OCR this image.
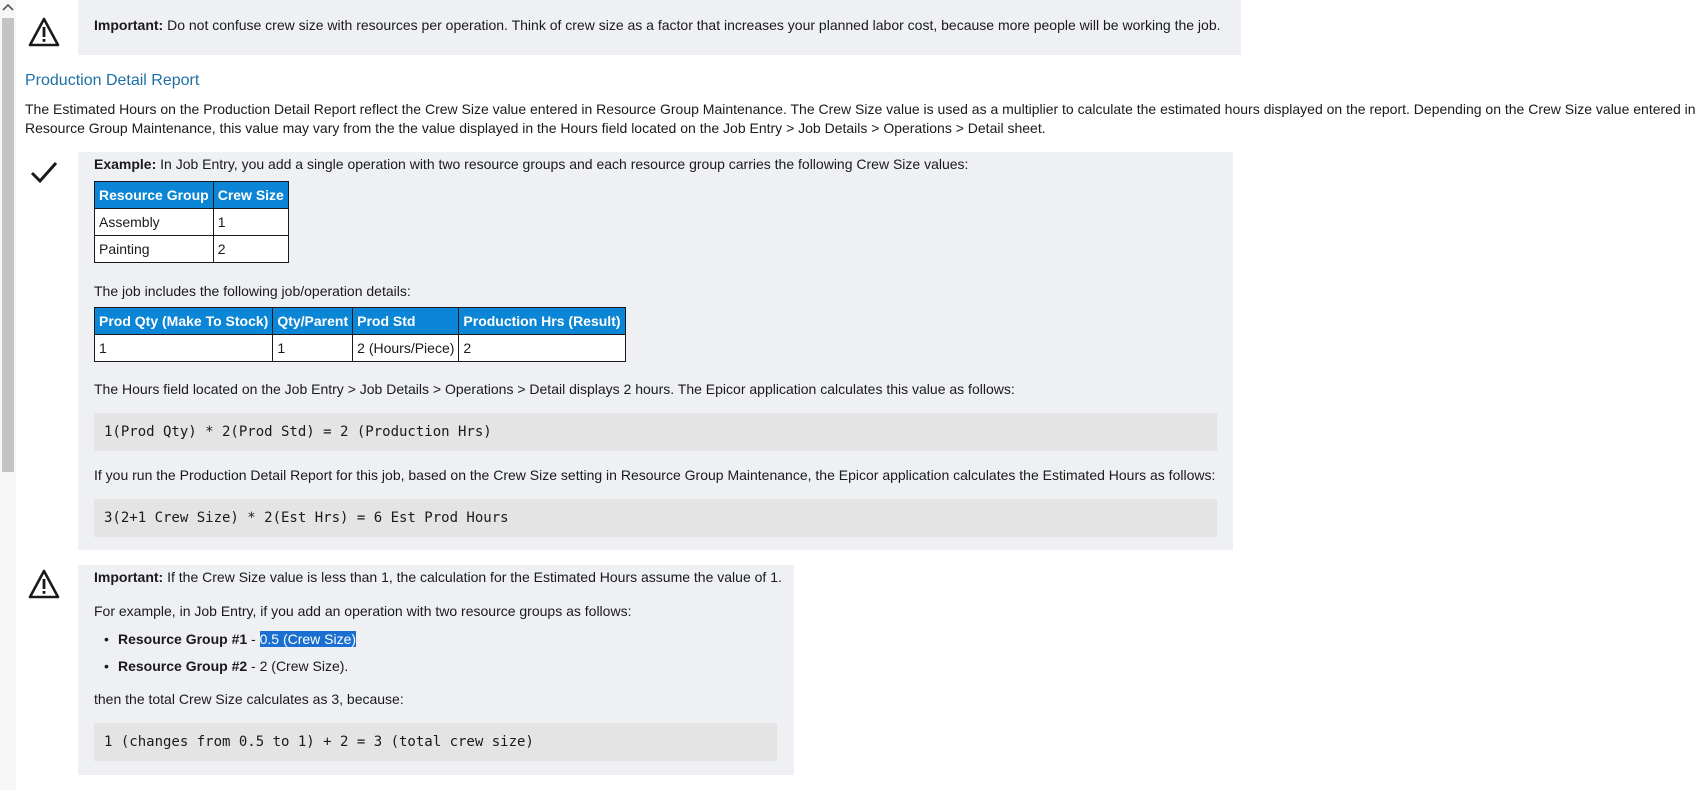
Important: Do not confuse crew size with resources per operation. Think of crew size as a factor that increases your planned labor cost, because more people will be working the job.

Production Detail Report
The Estimated Hours on the Production Detail Report reflect the Crew Size value entered in Resource Group Maintenance. The Crew Size value is used as a multiplier to calculate the estimated hours displayed on the report. Depending on the Crew Size value entered in
Resource Group Maintenance, this value may vary from the the value displayed in the Hours field located on the Job Entry > Job Details > Operations > Detail sheet.

Example: In Job Entry, you add a single operation with two resource groups and each resource group carries the following Crew Size values:

Resource Group	Crew Size
Assembly	1
Painting	2

The job includes the following job/operation details:

Prod Qty (Make To Stock)	Qty/Parent	Prod Std	Production Hrs (Result)
1	1	2 (Hours/Piece)	2

The Hours field located on the Job Entry > Job Details > Operations > Detail displays 2 hours. The Epicor application calculates this value as follows:

1(Prod Qty) * 2(Prod Std) = 2 (Production Hrs)

If you run the Production Detail Report for this job, based on the Crew Size setting in Resource Group Maintenance, the Epicor application calculates the Estimated Hours as follows:

3(2+1 Crew Size) * 2(Est Hrs) = 6 Est Prod Hours

Important: If the Crew Size value is less than 1, the calculation for the Estimated Hours assume the value of 1.

For example, in Job Entry, if you add an operation with two resource groups as follows:

• Resource Group #1 - 0.5 (Crew Size)
• Resource Group #2 - 2 (Crew Size).

then the total Crew Size calculates as 3, because:

1 (changes from 0.5 to 1) + 2 = 3 (total crew size)
